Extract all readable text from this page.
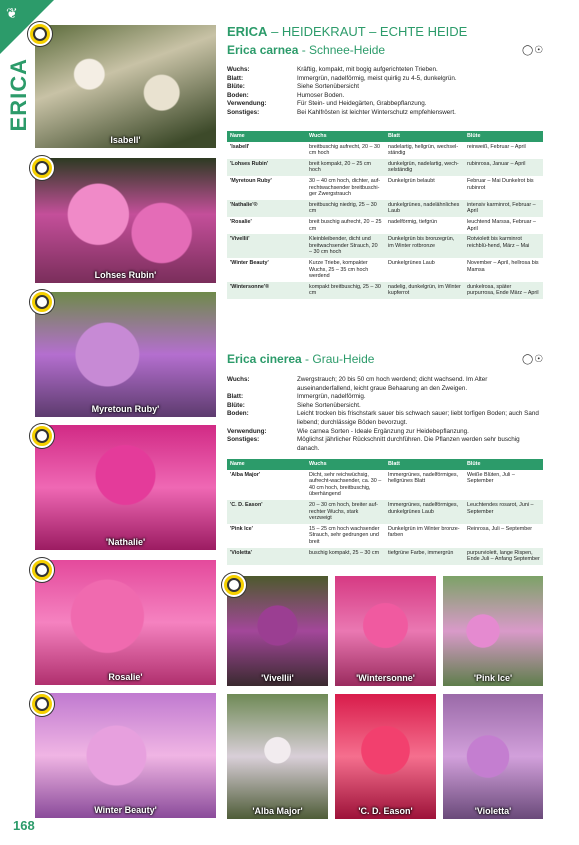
❦
ERICA
168
Isabell'
Lohses Rubin'
Myretoun Ruby'
'Nathalie'
Rosalie'
Winter Beauty'
'Vivellii'	'Wintersonne'	'Pink Ice'
'Alba Major'	'C. D. Eason'	'Violetta'
ERICA – HEIDEKRAUT – ECHTE HEIDE
Erica carnea - Schnee-Heide	◯☉
Wuchs:	Kräftig, kompakt, mit bogig aufgerichteten Trieben.
Blatt:	Immergrün, nadelförmig, meist quirlig zu 4-5, dunkelgrün.
Blüte:	Siehe Sortenübersicht
Boden:	Humoser Boden.
Verwendung:	Für Stein- und Heidegärten, Grabbepflanzung.
Sonstiges:	Bei Kahlfrösten ist leichter Winterschutz empfehlenswert.
Name	Wuchs	Blatt	Blüte
'Isabell'	breitbuschig aufrecht, 20 – 30 cm hoch	nadelartig, hellgrün, wechsel-ständig	reinweiß, Februar – April
'Lohses Rubin'	breit kompakt, 20 – 25 cm hoch	dunkelgrün, nadelartig, wech-selständig	rubinrosa, Januar – April
'Myretoun Ruby'	30 – 40 cm hoch, dichter, auf-rechtwachsender breitbuschi-ger Zwergstrauch	Dunkelgrün belaubt	Februar – Mai Dunkelrot bis rubinrot
'Nathalie'®	breitbuschig niedrig, 25 – 30 cm	dunkelgrünes, nadelähnliches Laub	intensiv karminrot, Februar – April
'Rosalie'	breit buschig aufrecht, 20 – 25 cm	nadelförmig, tiefgrün	leuchtend Marssa, Februar – April
'Vivellii'	Kleinbleibender, dicht und breitwachsender Strauch, 20 – 30 cm hoch	Dunkelgrün bis bronzegrün, im Winter rotbronze	Rotviolett bis karminrot reichblü-hend, März – Mai
'Winter Beauty'	Kurze Triebe, kompakter Wuchs, 25 – 35 cm hoch werdend	Dunkelgrünes Laub	November – April, hellrosa bis Mamsa
'Wintersonne'®	kompakt breitbuschig, 25 – 30 cm	nadelig, dunkelgrün, im Winter kupferrot	dunkelrosa, später purpurrosa, Ende März – April
Erica cinerea - Grau-Heide	◯☉
Wuchs:	Zwergstrauch; 20 bis 50 cm hoch werdend; dicht wachsend. Im Alter auseinanderfallend, leicht graue Behaarung an den Zweigen.
Blatt:	Immergrün, nadelförmig.
Blüte:	Siehe Sortenübersicht.
Boden:	Leicht trocken bis frischstark sauer bis schwach sauer; liebt torfigen Boden; auch Sand liebend; durchlässige Böden bevorzugt.
Verwendung:	Wie carnea Sorten - Ideale Ergänzung zur Heidebepflanzung.
Sonstiges:	Möglichst jährlicher Rückschnitt durchführen. Die Pflanzen werden sehr buschig danach.
Name	Wuchs	Blatt	Blüte
'Alba Major'	Dicht, sehr reichwüchsig, aufrecht-wachsender, ca. 30 – 40 cm hoch, breitbuschig, überhängend	Immergrünes, nadelförmiges, hellgrünes Blatt	Weiße Blüten, Juli – September
'C. D. Eason'	20 – 30 cm hoch, breiter auf-rechter Wuchs, stark verzweigt	Immergrünes, nadelförmiges, dunkelgrünes Laub	Leuchtendes rosarot, Juni – September
'Pink Ice'	15 – 25 cm hoch wachsender Strauch, sehr gedrungen und breit	Dunkelgrün im Winter bronze-farben	Reinrosa, Juli – September
'Violetta'	buschig kompakt, 25 – 30 cm	tiefgrüne Farbe, immergrün	purpurviolett, lange Rispen, Ende Juli – Anfang September
